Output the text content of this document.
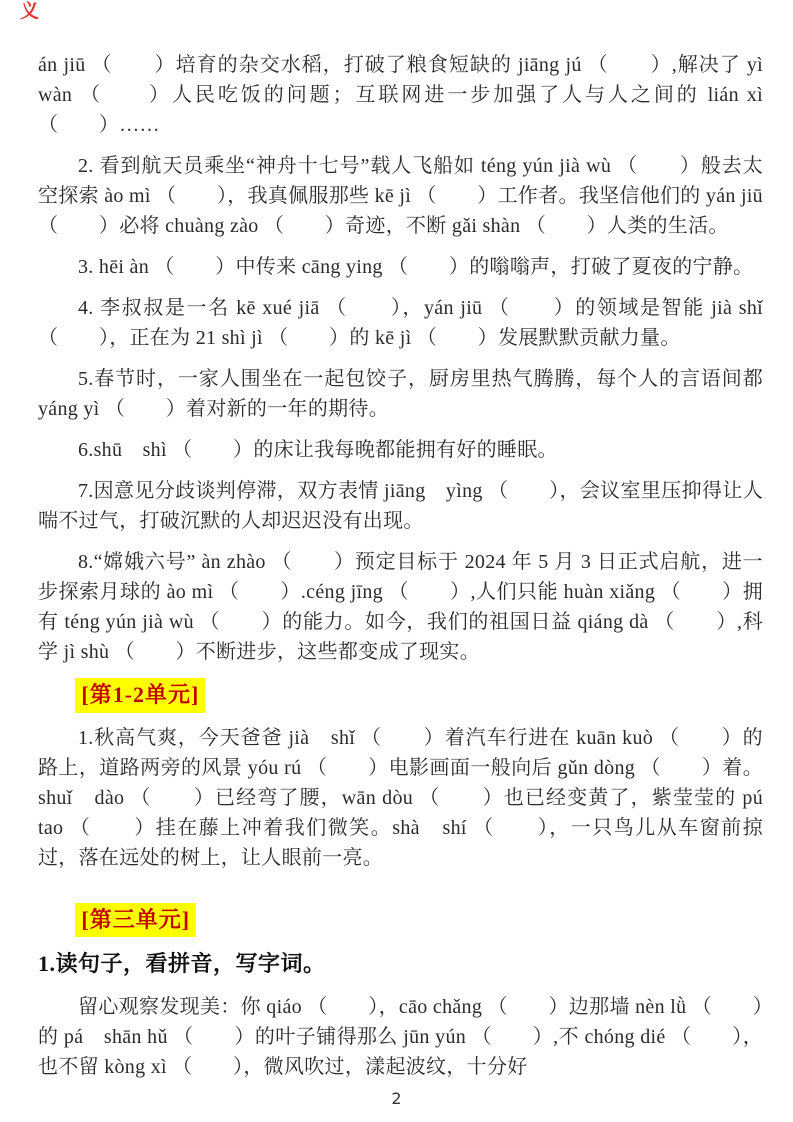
义

án jiū （　　）培育的杂交水稻，打破了粮食短缺的 jiāng jú （　　）,解决了 yì wàn （　　）人民吃饭的问题；互联网进一步加强了人与人之间的 lián xì （　　）……

2. 看到航天员乘坐“神舟十七号”载人飞船如 téng yún jià wù （　　）般去太空探索 ào mì （　　），我真佩服那些 kē jì （　　）工作者。我坚信他们的 yán jiū （　　）必将 chuàng zào （　　）奇迹，不断 gǎi shàn （　　）人类的生活。

3. hēi àn （　　）中传来 cāng ying （　　）的嗡嗡声，打破了夏夜的宁静。

4. 李叔叔是一名 kē xué jiā （　　），yán jiū （　　）的领域是智能 jià shǐ （　　），正在为 21 shì jì （　　）的 kē jì （　　）发展默默贡献力量。

5.春节时，一家人围坐在一起包饺子，厨房里热气腾腾，每个人的言语间都 yáng yì （　　）着对新的一年的期待。

6.shū　shì （　　）的床让我每晚都能拥有好的睡眠。

7.因意见分歧谈判停滞，双方表情 jiāng　yìng （　　），会议室里压抑得让人喘不过气，打破沉默的人却迟迟没有出现。

8.“嫦娥六号” àn zhào （　　）预定目标于 2024 年 5 月 3 日正式启航，进一步探索月球的 ào mì （　　）.céng jīng （　　）,人们只能 huàn xiǎng （　　）拥有 téng yún jià wù （　　）的能力。如今，我们的祖国日益 qiáng dà （　　）,科学 jì shù （　　）不断进步，这些都变成了现实。

[第1-2单元]

1.秋高气爽，今天爸爸 jià　shǐ （　　）着汽车行进在 kuān kuò （　　）的路上，道路两旁的风景 yóu rú （　　）电影画面一般向后 gǔn dòng （　　）着。shuǐ　dào （　　）已经弯了腰，wān dòu （　　）也已经变黄了，紫莹莹的 pú　tao （　　）挂在藤上冲着我们微笑。shà　shí （　　），一只鸟儿从车窗前掠过，落在远处的树上，让人眼前一亮。

[第三单元]

1.读句子，看拼音，写字词。

留心观察发现美：你 qiáo （　　），cāo chǎng （　　）边那墙 nèn lǜ （　　）的 pá　shān hǔ （　　）的叶子铺得那么 jūn yún （　　）,不 chóng dié （　　），也不留 kòng xì （　　），微风吹过，漾起波纹，十分好

2
